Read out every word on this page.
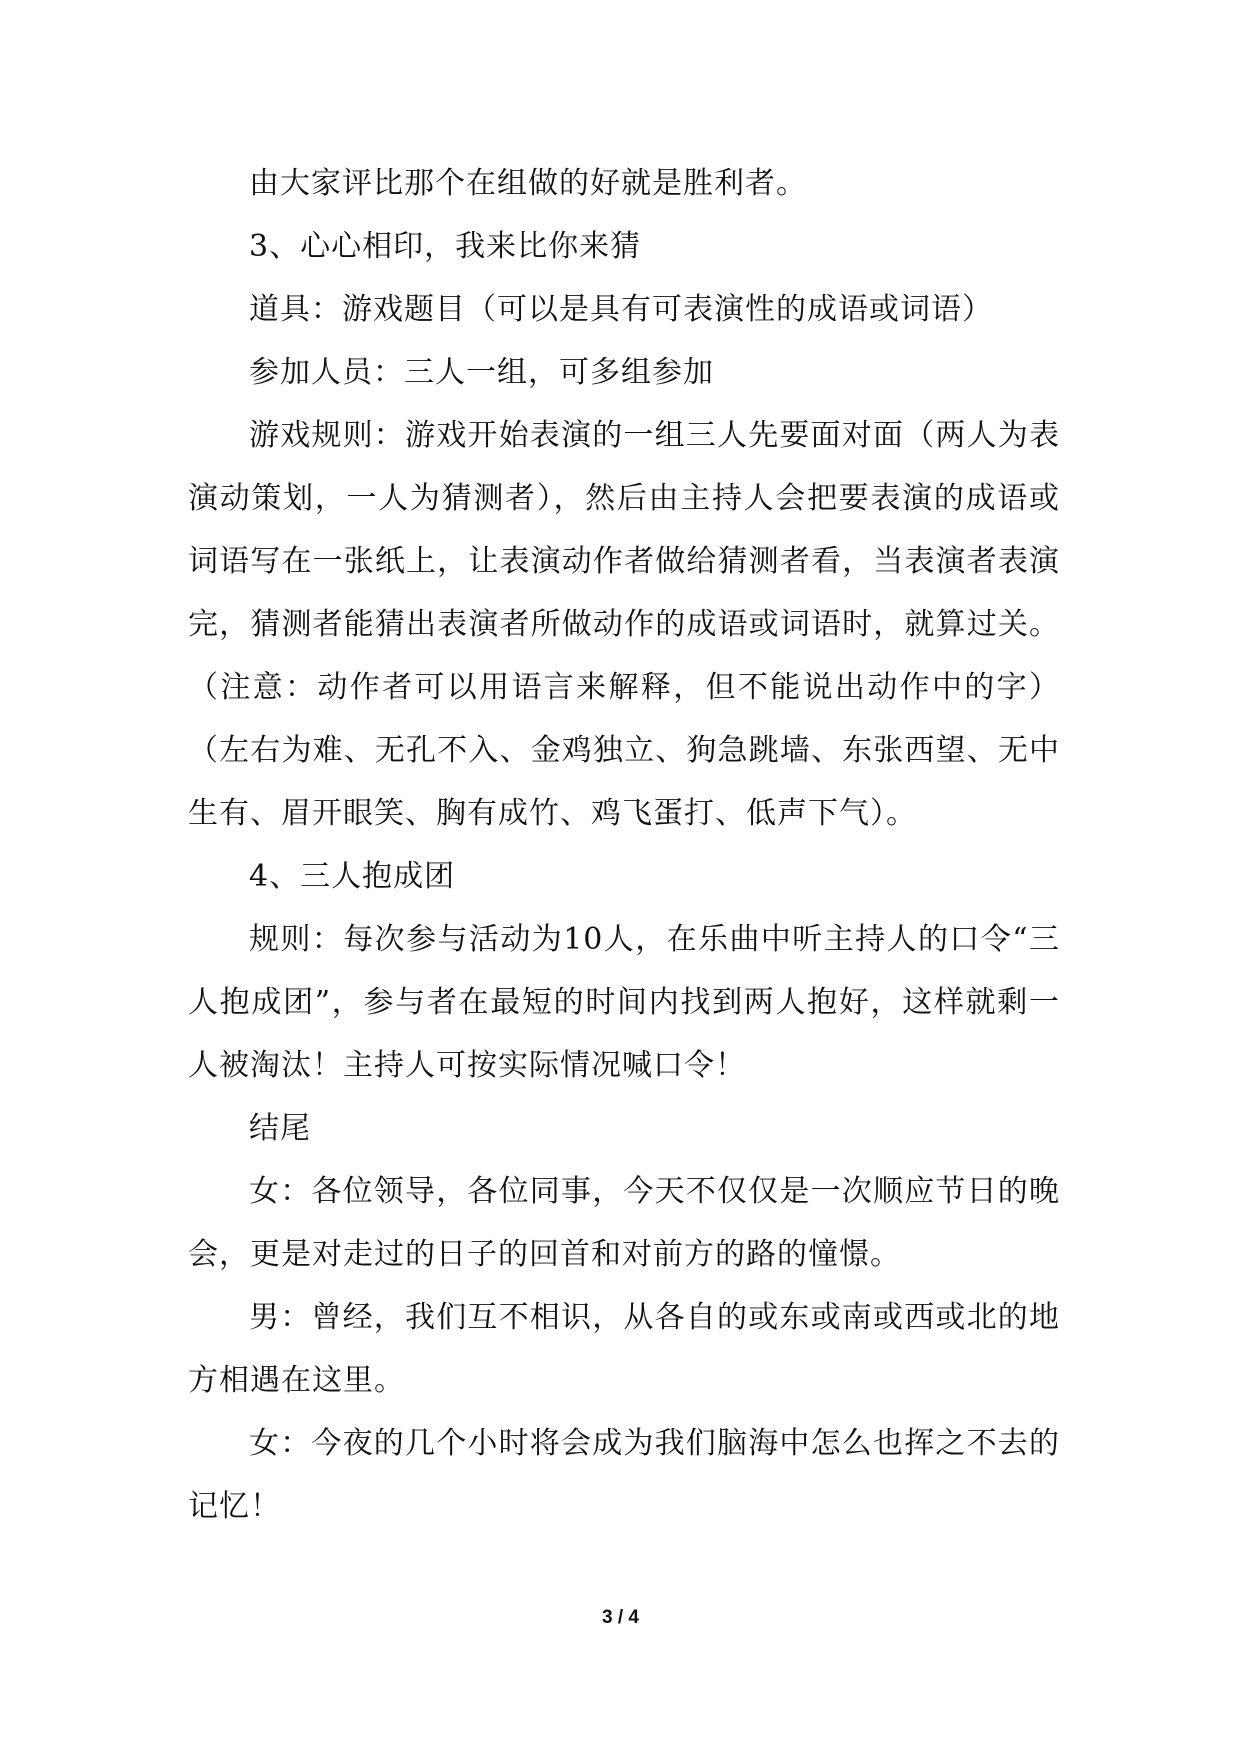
由大家评比那个在组做的好就是胜利者。

3、心心相印，我来比你来猜

道具：游戏题目（可以是具有可表演性的成语或词语）

参加人员：三人一组，可多组参加

游戏规则：游戏开始表演的一组三人先要面对面（两人为表演动策划，一人为猜测者），然后由主持人会把要表演的成语或词语写在一张纸上，让表演动作者做给猜测者看，当表演者表演完，猜测者能猜出表演者所做动作的成语或词语时，就算过关。（注意：动作者可以用语言来解释，但不能说出动作中的字）（左右为难、无孔不入、金鸡独立、狗急跳墙、东张西望、无中生有、眉开眼笑、胸有成竹、鸡飞蛋打、低声下气）。

4、三人抱成团

规则：每次参与活动为10人，在乐曲中听主持人的口令“三人抱成团”，参与者在最短的时间内找到两人抱好，这样就剩一人被淘汰！主持人可按实际情况喊口令！

结尾

女：各位领导，各位同事，今天不仅仅是一次顺应节日的晚会，更是对走过的日子的回首和对前方的路的憧憬。

男：曾经，我们互不相识，从各自的或东或南或西或北的地方相遇在这里。

女：今夜的几个小时将会成为我们脑海中怎么也挥之不去的记忆！

3 / 4
